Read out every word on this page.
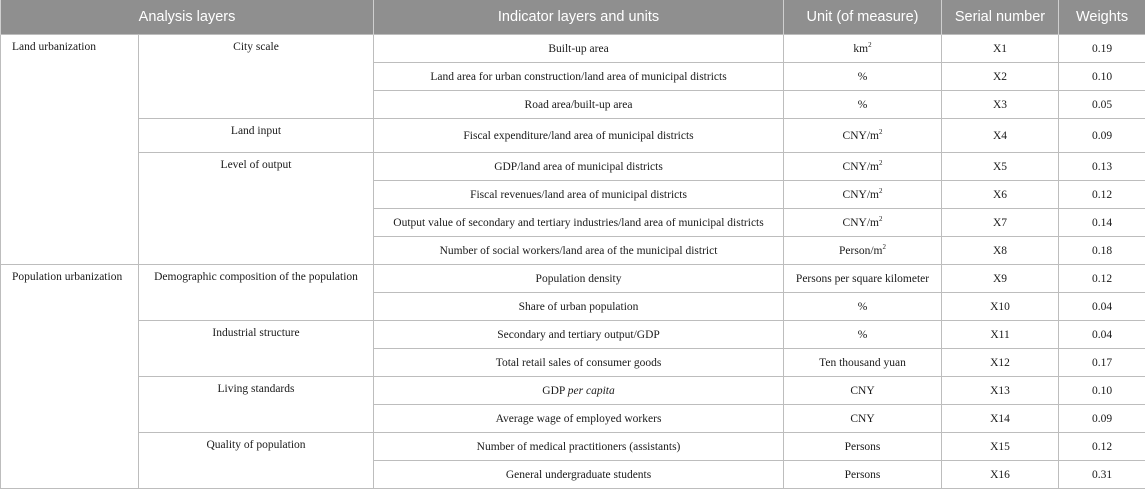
Analysis layers		Indicator layers and units	Unit (of measure)	Serial number	Weights
Land urbanization	City scale	Built-up area	$km^2$	X1	0.19
		Land area for urban construction/land area of municipal districts	%	X2	0.10
		Road area/built-up area	%	X3	0.05
	Land input	Fiscal expenditure/land area of municipal districts	CNY/$m^2$	X4	0.09
	Level of output	GDP/land area of municipal districts	CNY/$m^2$	X5	0.13
		Fiscal revenues/land area of municipal districts	CNY/$m^2$	X6	0.12
		Output value of secondary and tertiary industries/land area of municipal districts	CNY/$m^2$	X7	0.14
		Number of social workers/land area of the municipal district	Person/$m^2$	X8	0.18
Population urbanization	Demographic composition of the population	Population density	Persons per square kilometer	X9	0.12
		Share of urban population	%	X10	0.04
	Industrial structure	Secondary and tertiary output/GDP	%	X11	0.04
		Total retail sales of consumer goods	Ten thousand yuan	X12	0.17
	Living standards	GDP per capita	CNY	X13	0.10
		Average wage of employed workers	CNY	X14	0.09
	Quality of population	Number of medical practitioners (assistants)	Persons	X15	0.12
		General undergraduate students	Persons	X16	0.31
